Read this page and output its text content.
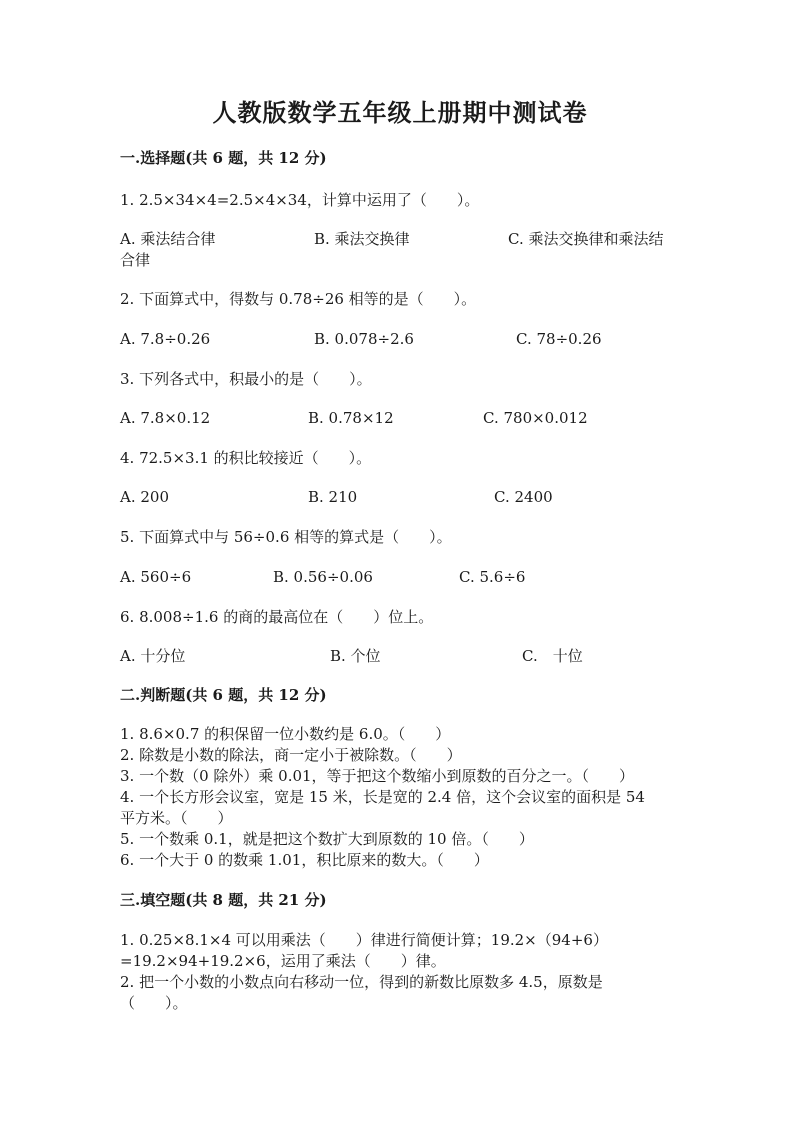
人教版数学五年级上册期中测试卷
一.选择题(共 6 题，共 12 分)
1. 2.5×34×4=2.5×4×34，计算中运用了（　　）。
A. 乘法结合律	B. 乘法交换律	C. 乘法交换律和乘法结
合律
2. 下面算式中，得数与 0.78÷26 相等的是（　　）。
A. 7.8÷0.26	B. 0.078÷2.6	C. 78÷0.26
3. 下列各式中，积最小的是（　　）。
A. 7.8×0.12	B. 0.78×12	C. 780×0.012
4. 72.5×3.1 的积比较接近（　　）。
A. 200	B. 210	C. 2400
5. 下面算式中与 56÷0.6 相等的算式是（　　）。
A. 560÷6	B. 0.56÷0.06	C. 5.6÷6
6. 8.008÷1.6 的商的最高位在（　　）位上。
A. 十分位	B. 个位	C.　十位
二.判断题(共 6 题，共 12 分)
1. 8.6×0.7 的积保留一位小数约是 6.0。（　　）
2. 除数是小数的除法，商一定小于被除数。（　　）
3. 一个数（0 除外）乘 0.01，等于把这个数缩小到原数的百分之一。（　　）
4. 一个长方形会议室，宽是 15 米，长是宽的 2.4 倍，这个会议室的面积是 54
平方米。（　　）
5. 一个数乘 0.1，就是把这个数扩大到原数的 10 倍。（　　）
6. 一个大于 0 的数乘 1.01，积比原来的数大。（　　）
三.填空题(共 8 题，共 21 分)
1. 0.25×8.1×4 可以用乘法（　　）律进行简便计算；19.2×（94+6）
=19.2×94+19.2×6，运用了乘法（　　）律。
2. 把一个小数的小数点向右移动一位，得到的新数比原数多 4.5，原数是
（　　）。
